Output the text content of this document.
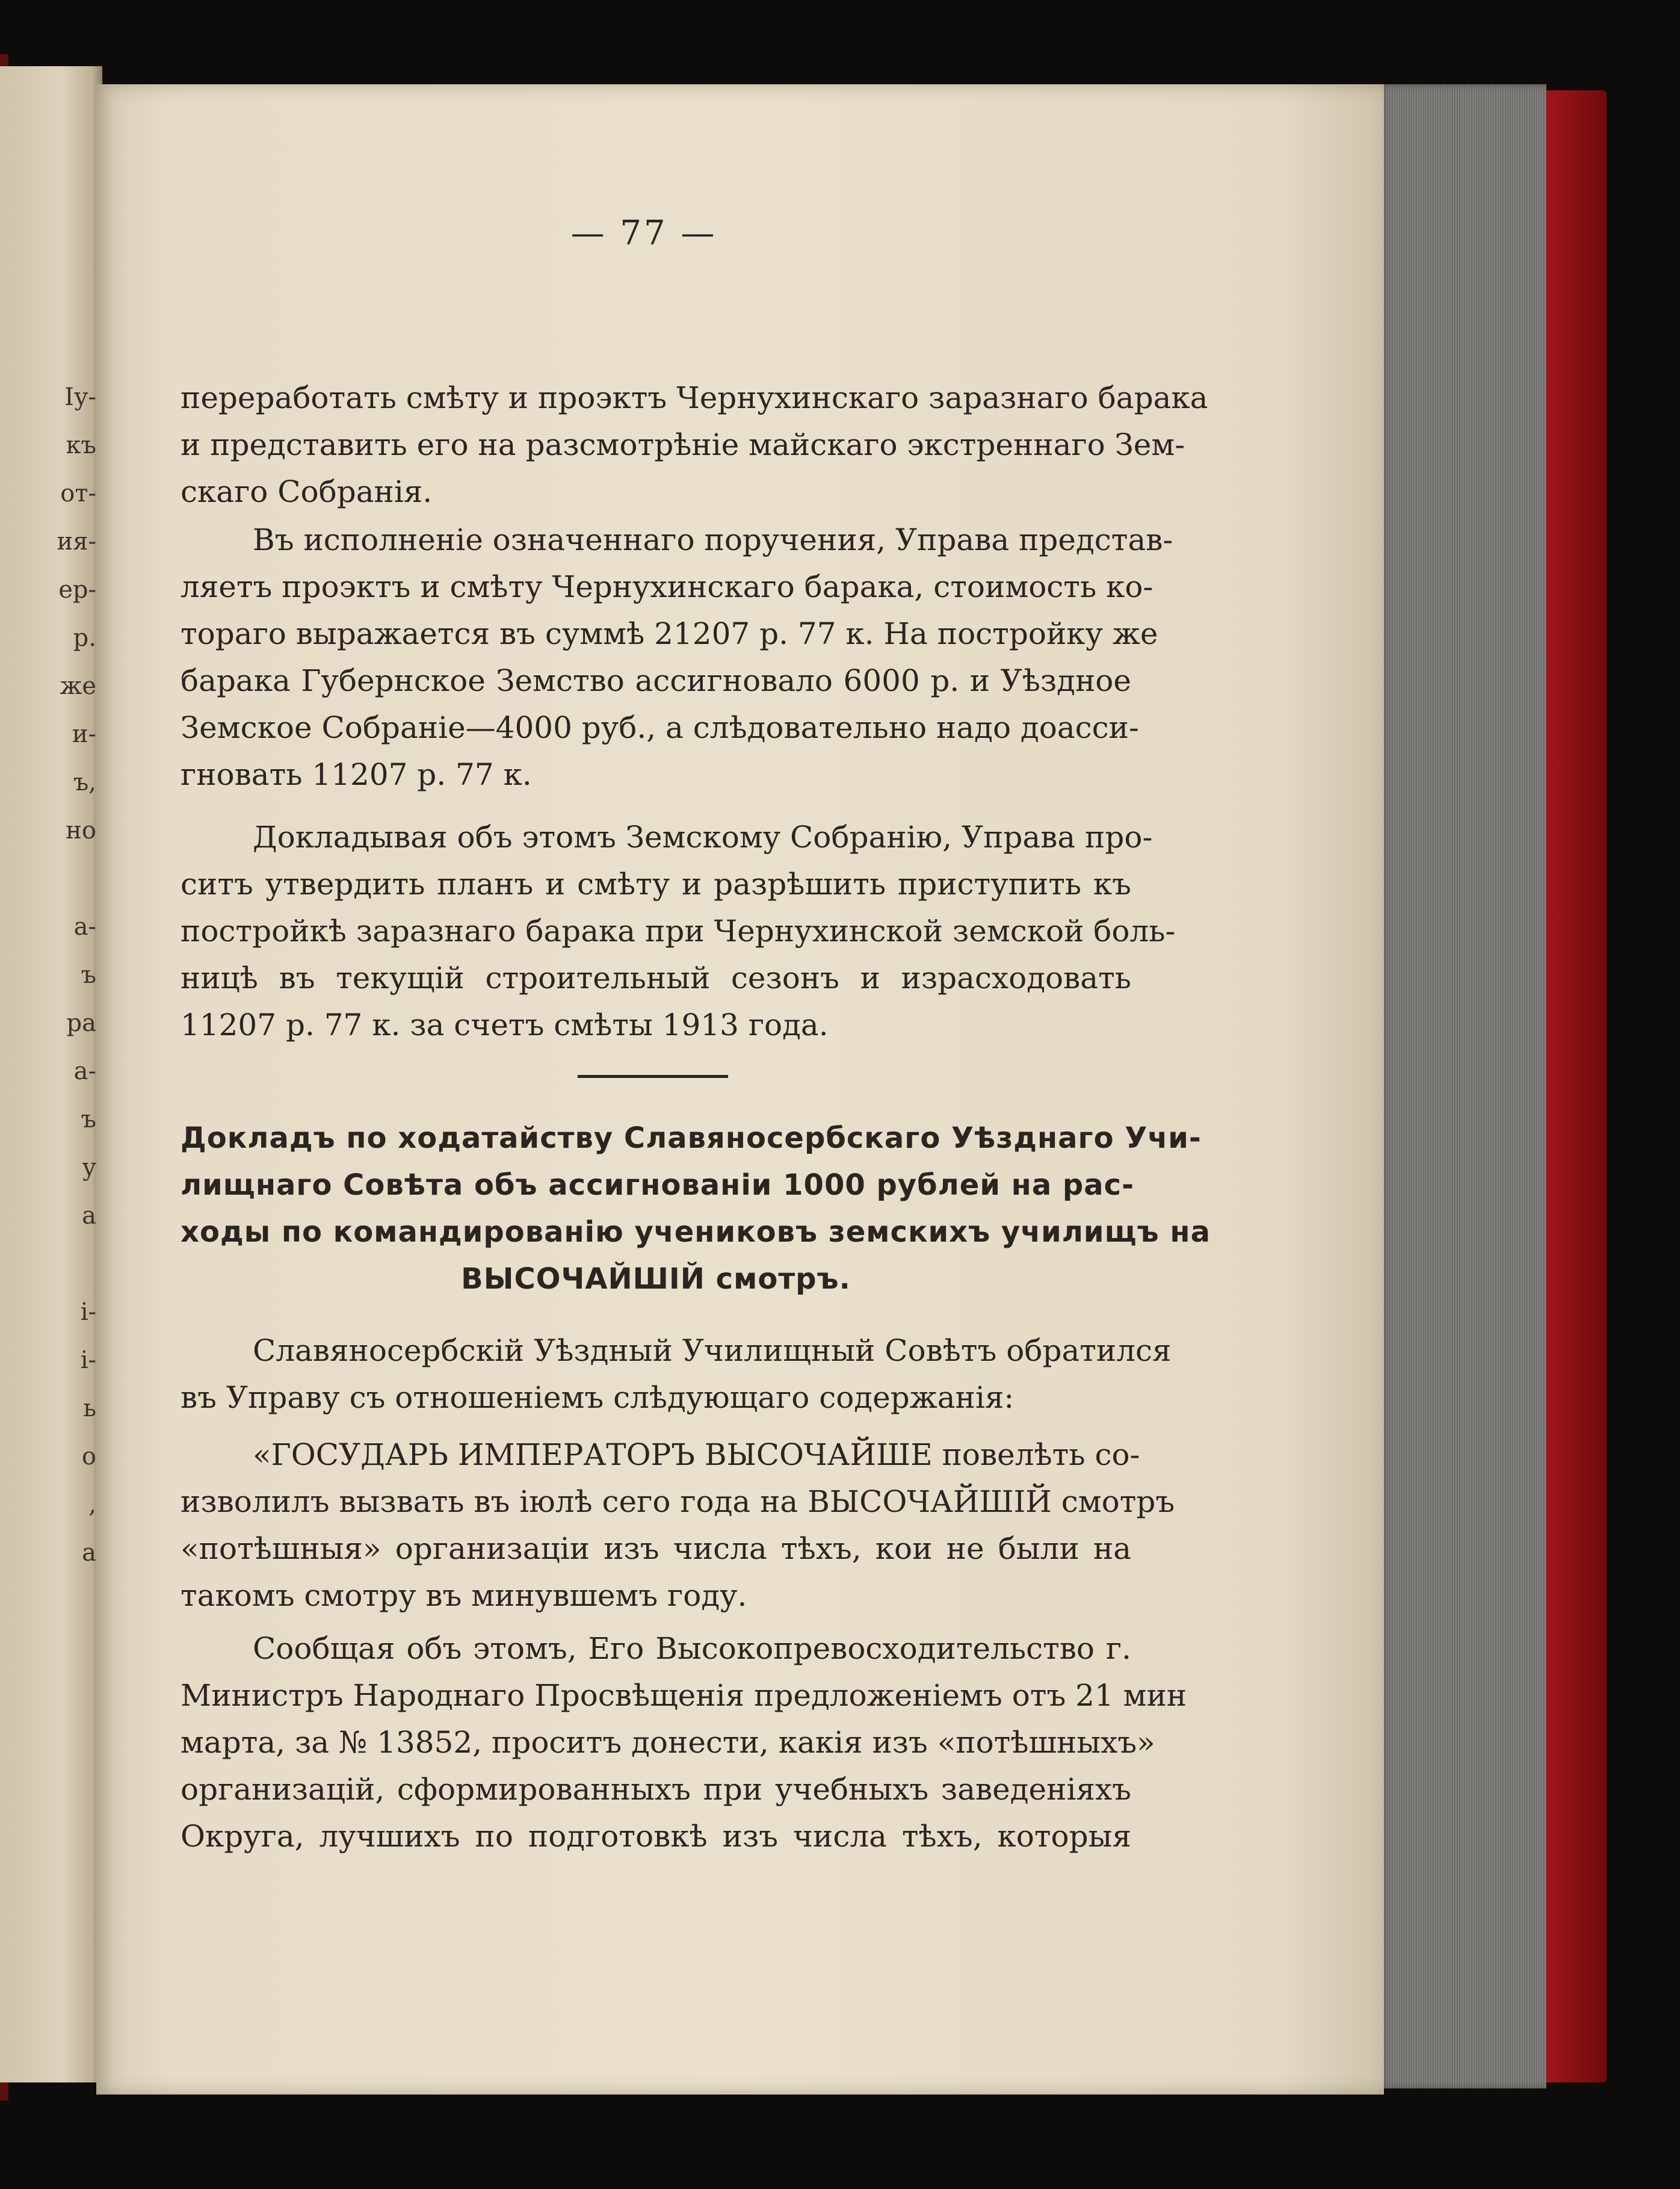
Іу-
къ
от-
ия-
ер-
р.
же
и-
ъ,
но
а-
ъ
ра
а-
ъ
у
а
і-
і-
ь
о
,
а
— 77 —
переработать смѣту и проэктъ Чернухинскаго заразнаго барака
и представить его на разсмотрѣніе майскаго экстреннаго Зем-
скаго Собранія.
Въ исполненіе означеннаго поручения, Управа представ-
ляетъ проэктъ и смѣту Чернухинскаго барака, стоимость ко-
тораго выражается въ суммѣ 21207 р. 77 к. На постройку же
барака Губернское Земство ассигновало 6000 р. и Уѣздное
Земское Собраніе—4000 руб., а слѣдовательно надо доасси-
гновать 11207 р. 77 к.
Докладывая объ этомъ Земскому Собранію, Управа про-
ситъ утвердить планъ и смѣту и разрѣшить приступить къ
постройкѣ заразнаго барака при Чернухинской земской боль-
ницѣ въ текущій строительный сезонъ и израсходовать
11207 р. 77 к. за счетъ смѣты 1913 года.
Докладъ по ходатайству Славяносербскаго Уѣзднаго Учи-
лищнаго Совѣта объ ассигнованіи 1000 рублей на рас-
ходы по командированію учениковъ земскихъ училищъ на
ВЫСОЧАЙШІЙ смотръ.
Славяносербскій Уѣздный Училищный Совѣтъ обратился
въ Управу съ отношеніемъ слѣдующаго содержанія:
«ГОСУДАРЬ ИМПЕРАТОРЪ ВЫСОЧАЙШЕ повелѣть со-
изволилъ вызвать въ іюлѣ сего года на ВЫСОЧАЙШІЙ смотръ
«потѣшныя» организаціи изъ числа тѣхъ, кои не были на
такомъ смотру въ минувшемъ году.
Сообщая объ этомъ, Его Высокопревосходительство г.
Министръ Народнаго Просвѣщенія предложеніемъ отъ 21 мин
марта, за № 13852, проситъ донести, какія изъ «потѣшныхъ»
организацій, сформированныхъ при учебныхъ заведеніяхъ
Округа, лучшихъ по подготовкѣ изъ числа тѣхъ, которыя
